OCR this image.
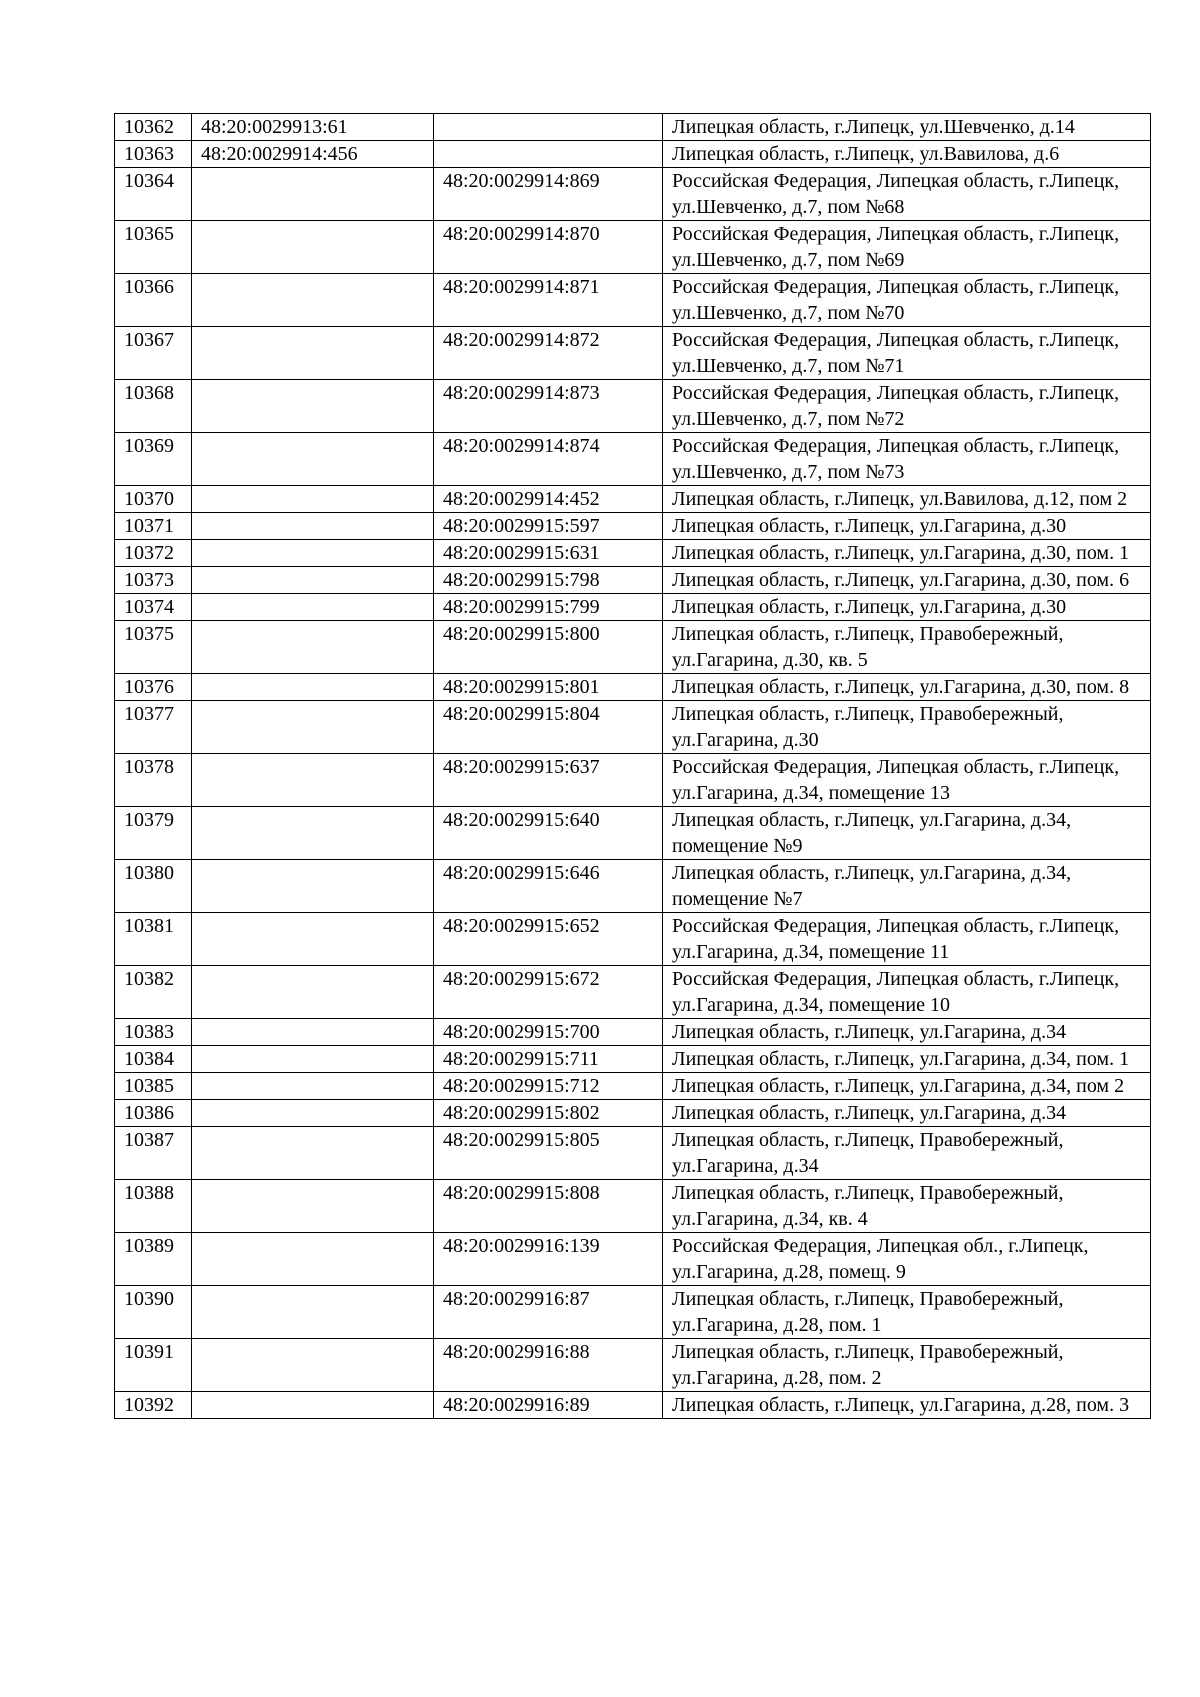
10362	48:20:0029913:61		Липецкая область, г.Липецк, ул.Шевченко, д.14
10363	48:20:0029914:456		Липецкая область, г.Липецк, ул.Вавилова, д.6
10364		48:20:0029914:869	Российская Федерация, Липецкая область, г.Липецк, ул.Шевченко, д.7, пом №68
10365		48:20:0029914:870	Российская Федерация, Липецкая область, г.Липецк, ул.Шевченко, д.7, пом №69
10366		48:20:0029914:871	Российская Федерация, Липецкая область, г.Липецк, ул.Шевченко, д.7, пом №70
10367		48:20:0029914:872	Российская Федерация, Липецкая область, г.Липецк, ул.Шевченко, д.7, пом №71
10368		48:20:0029914:873	Российская Федерация, Липецкая область, г.Липецк, ул.Шевченко, д.7, пом №72
10369		48:20:0029914:874	Российская Федерация, Липецкая область, г.Липецк, ул.Шевченко, д.7, пом №73
10370		48:20:0029914:452	Липецкая область, г.Липецк, ул.Вавилова, д.12, пом 2
10371		48:20:0029915:597	Липецкая область, г.Липецк, ул.Гагарина, д.30
10372		48:20:0029915:631	Липецкая область, г.Липецк, ул.Гагарина, д.30, пом. 1
10373		48:20:0029915:798	Липецкая область, г.Липецк, ул.Гагарина, д.30, пом. 6
10374		48:20:0029915:799	Липецкая область, г.Липецк, ул.Гагарина, д.30
10375		48:20:0029915:800	Липецкая область, г.Липецк, Правобережный, ул.Гагарина, д.30, кв. 5
10376		48:20:0029915:801	Липецкая область, г.Липецк, ул.Гагарина, д.30, пом. 8
10377		48:20:0029915:804	Липецкая область, г.Липецк, Правобережный, ул.Гагарина, д.30
10378		48:20:0029915:637	Российская Федерация, Липецкая область, г.Липецк, ул.Гагарина, д.34, помещение 13
10379		48:20:0029915:640	Липецкая область, г.Липецк, ул.Гагарина, д.34, помещение №9
10380		48:20:0029915:646	Липецкая область, г.Липецк, ул.Гагарина, д.34, помещение №7
10381		48:20:0029915:652	Российская Федерация, Липецкая область, г.Липецк, ул.Гагарина, д.34, помещение 11
10382		48:20:0029915:672	Российская Федерация, Липецкая область, г.Липецк, ул.Гагарина, д.34, помещение 10
10383		48:20:0029915:700	Липецкая область, г.Липецк, ул.Гагарина, д.34
10384		48:20:0029915:711	Липецкая область, г.Липецк, ул.Гагарина, д.34, пом. 1
10385		48:20:0029915:712	Липецкая область, г.Липецк, ул.Гагарина, д.34, пом 2
10386		48:20:0029915:802	Липецкая область, г.Липецк, ул.Гагарина, д.34
10387		48:20:0029915:805	Липецкая область, г.Липецк, Правобережный, ул.Гагарина, д.34
10388		48:20:0029915:808	Липецкая область, г.Липецк, Правобережный, ул.Гагарина, д.34, кв. 4
10389		48:20:0029916:139	Российская Федерация, Липецкая обл., г.Липецк, ул.Гагарина, д.28, помещ. 9
10390		48:20:0029916:87	Липецкая область, г.Липецк, Правобережный, ул.Гагарина, д.28, пом. 1
10391		48:20:0029916:88	Липецкая область, г.Липецк, Правобережный, ул.Гагарина, д.28, пом. 2
10392		48:20:0029916:89	Липецкая область, г.Липецк, ул.Гагарина, д.28, пом. 3
